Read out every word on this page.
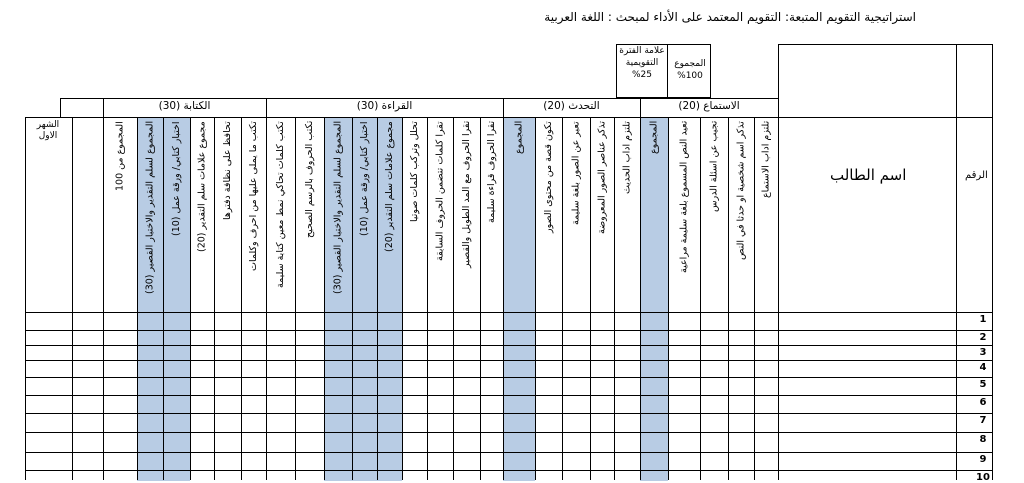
استراتيجية التقويم المتبعة: التقويم المعتمد على الأداء لمبحث : اللغة العربية
الرقم
اسم الطالب
المجموع 100%
علامة الفترة التقويمية 25%
الاستماع (20)
التحدث (20)
القراءة (30)
الكتابة (30)
تلتزم اداب الاستماع
تذكر اسم شخصية او حدثا في النص
تجيب عن اسئلة الدرس
تعيد النص المسموع بلغة سليمة مراعية
المجموع
تلتزم اداب الحديث
تذكر عناصر الصور المعروضة
تعبر عن الصور بلغة سليمة
تكون قصة من محتوى الصور
المجموع
تقرا الحروف قراءة سليمة
تقرا الحروف مع المد الطويل والقصير
تقرا كلمات تتضمن الحروف السابقة
تحلل وتركب كلمات صوتيا
مجموع علامات سلم التقدير (20)
اختبار كتابي/ ورقة عمل (10)
المجموع لسلم التقدير والاختبار القصير (30)
تكتب الحروف بالرسم الصحيح
تكتب كلمات تحاكي نمط معين كتابة سليمة
تكتب ما يملى عليها من احرف وكلمات
تحافظ على نظافة دفترها
مجموع علامات سلم التقدير (20)
اختبار كتابي/ ورقة عمل (10)
المجموع لسلم التقدير والاختبار القصير (30)
المجموع من 100
الشهر الاول
1
2
3
4
5
6
7
8
9
10
